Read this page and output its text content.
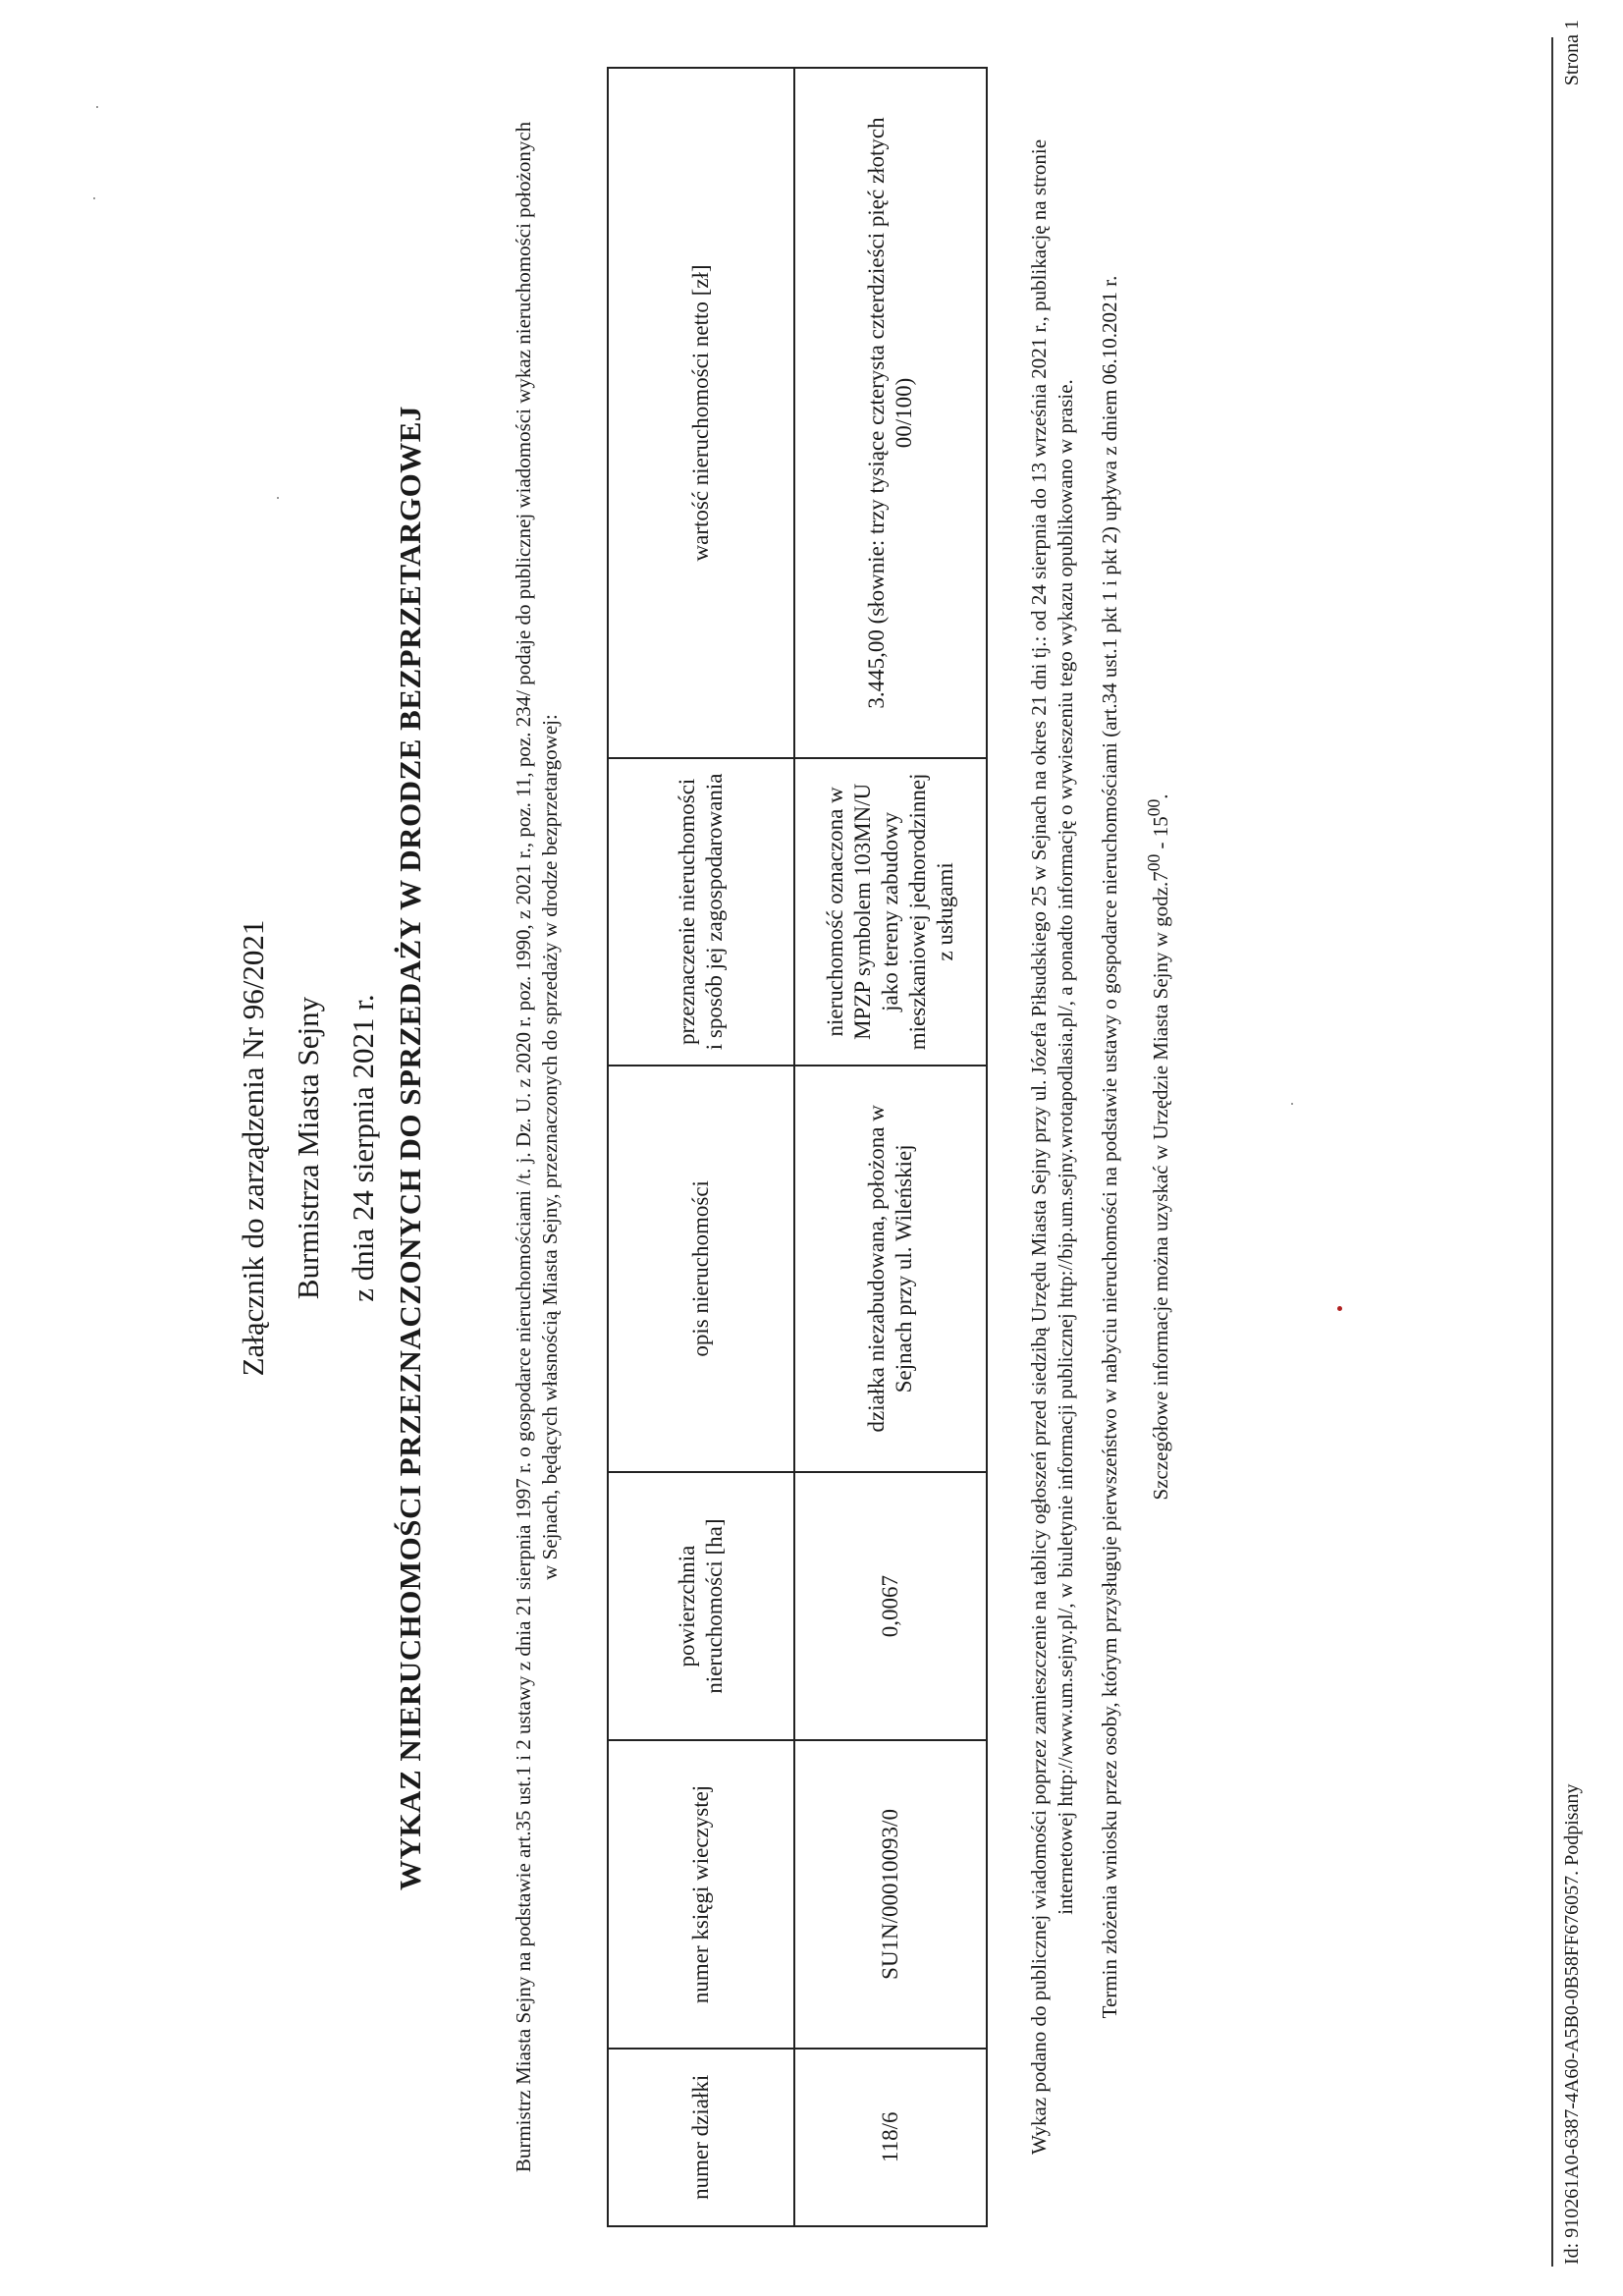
Załącznik do zarządzenia Nr 96/2021 Burmistrza Miasta Sejny z dnia 24 sierpnia 2021 r. WYKAZ NIERUCHOMOŚCI PRZEZNACZONYCH DO SPRZEDAŻY W DRODZE BEZPRZETARGOWEJ	Burmistrz Miasta Sejny na podstawie art.35 ust.1 i 2 ustawy z dnia 21 sierpnia 1997 r. o gospodarce nieruchomościami /t. j. Dz. U. z 2020 r. poz. 1990, z 2021 r., poz. 11, poz. 234/ podaje do publicznej wiadomości wykaz nieruchomości położonych w Sejnach, będących własnością Miasta Sejny, przeznaczonych do sprzedaży w drodze bezprzetargowej:
numer działki	numer księgi wieczystej	powierzchnia nieruchomości [ha]	opis nieruchomości	przeznaczenie nieruchomości i sposób jej zagospodarowania	wartość nieruchomości netto [zł]
118/6	SU1N/00010093/0	0,0067	działka niezabudowana, położona w Sejnach przy ul. Wileńskiej	nieruchomość oznaczona w MPZP symbolem 103MN/U jako tereny zabudowy mieszkaniowej jednorodzinnej z usługami	3.445,00 (słownie: trzy tysiące czterysta czterdzieści pięć złotych 00/100)	Wykaz podano do publicznej wiadomości poprzez zamieszczenie na tablicy ogłoszeń przed siedzibą Urzędu Miasta Sejny przy ul. Józefa Piłsudskiego 25 w Sejnach na okres 21 dni tj.: od 24 sierpnia do 13 września 2021 r., publikację na stronie internetowej http://www.um.sejny.pl/, w biuletynie informacji publicznej http://bip.um.sejny.wrotapodlasia.pl/, a ponadto informację o wywieszeniu tego wykazu opublikowano w prasie. Termin złożenia wniosku przez osoby, którym przysługuje pierwszeństwo w nabyciu nieruchomości na podstawie ustawy o gospodarce nieruchomościami (art.34 ust.1 pkt 1 i pkt 2) upływa z dniem 06.10.2021 r.	Szczegółowe informacje można uzyskać w Urzędzie Miasta Sejny w $godz.7^{00} - 15^{00}$.

Id: 910261A0-6387-4A60-A5B0-0B58FF676057. Podpisany
Strona 1
